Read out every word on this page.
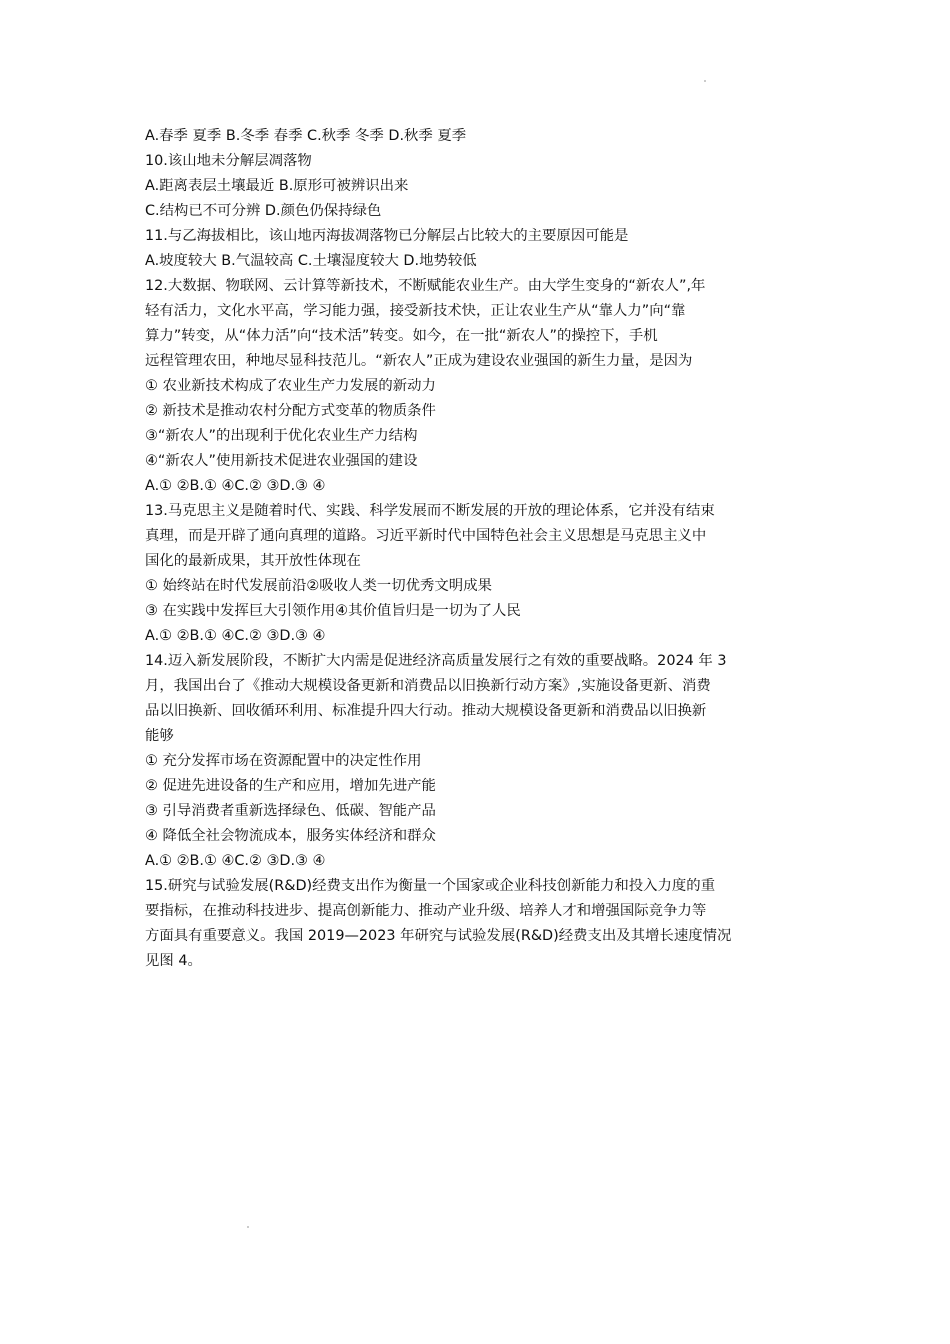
A.春季 夏季 B.冬季 春季 C.秋季 冬季 D.秋季 夏季
10.该山地未分解层凋落物
A.距离表层土壤最近 B.原形可被辨识出来
C.结构已不可分辨 D.颜色仍保持绿色
11.与乙海拔相比，该山地丙海拔凋落物已分解层占比较大的主要原因可能是
A.坡度较大 B.气温较高 C.土壤湿度较大 D.地势较低
12.大数据、物联网、云计算等新技术，不断赋能农业生产。由大学生变身的“新农人”,年
轻有活力，文化水平高，学习能力强，接受新技术快，正让农业生产从“靠人力”向“靠
算力”转变，从“体力活”向“技术活”转变。如今，在一批“新农人”的操控下，手机
远程管理农田，种地尽显科技范儿。“新农人”正成为建设农业强国的新生力量，是因为
① 农业新技术构成了农业生产力发展的新动力
② 新技术是推动农村分配方式变革的物质条件
③“新农人”的出现利于优化农业生产力结构
④“新农人”使用新技术促进农业强国的建设
A.① ②B.① ④C.② ③D.③ ④
13.马克思主义是随着时代、实践、科学发展而不断发展的开放的理论体系，它并没有结束
真理，而是开辟了通向真理的道路。习近平新时代中国特色社会主义思想是马克思主义中
国化的最新成果，其开放性体现在
① 始终站在时代发展前沿②吸收人类一切优秀文明成果
③ 在实践中发挥巨大引领作用④其价值旨归是一切为了人民
A.① ②B.① ④C.② ③D.③ ④
14.迈入新发展阶段，不断扩大内需是促进经济高质量发展行之有效的重要战略。2024 年 3
月，我国出台了《推动大规模设备更新和消费品以旧换新行动方案》,实施设备更新、消费
品以旧换新、回收循环利用、标准提升四大行动。推动大规模设备更新和消费品以旧换新
能够
① 充分发挥市场在资源配置中的决定性作用
② 促进先进设备的生产和应用，增加先进产能
③ 引导消费者重新选择绿色、低碳、智能产品
④ 降低全社会物流成本，服务实体经济和群众
A.① ②B.① ④C.② ③D.③ ④
15.研究与试验发展(R&D)经费支出作为衡量一个国家或企业科技创新能力和投入力度的重
要指标，在推动科技进步、提高创新能力、推动产业升级、培养人才和增强国际竞争力等
方面具有重要意义。我国 2019—2023 年研究与试验发展(R&D)经费支出及其增长速度情况
见图 4。
